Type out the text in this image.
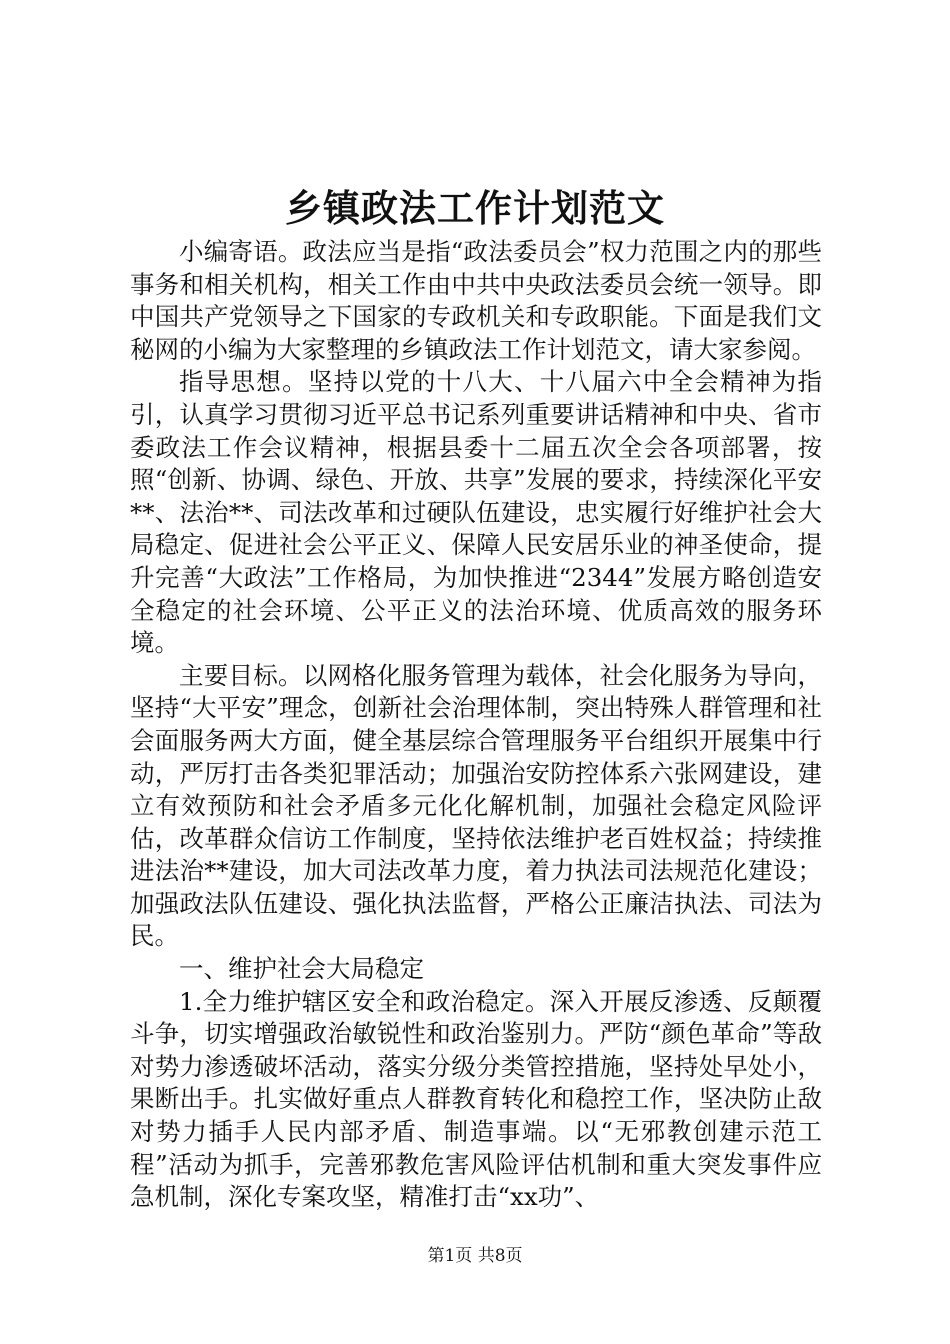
乡镇政法工作计划范文

小编寄语。政法应当是指“政法委员会”权力范围之内的那些事务和相关机构，相关工作由中共中央政法委员会统一领导。即中国共产党领导之下国家的专政机关和专政职能。下面是我们文秘网的小编为大家整理的乡镇政法工作计划范文，请大家参阅。

指导思想。坚持以党的十八大、十八届六中全会精神为指引，认真学习贯彻习近平总书记系列重要讲话精神和中央、省市委政法工作会议精神，根据县委十二届五次全会各项部署，按照“创新、协调、绿色、开放、共享”发展的要求，持续深化平安**、法治**、司法改革和过硬队伍建设，忠实履行好维护社会大局稳定、促进社会公平正义、保障人民安居乐业的神圣使命，提升完善“大政法”工作格局，为加快推进“2344”发展方略创造安全稳定的社会环境、公平正义的法治环境、优质高效的服务环境。

主要目标。以网格化服务管理为载体，社会化服务为导向，坚持“大平安”理念，创新社会治理体制，突出特殊人群管理和社会面服务两大方面，健全基层综合管理服务平台组织开展集中行动，严厉打击各类犯罪活动；加强治安防控体系六张网建设，建立有效预防和社会矛盾多元化化解机制，加强社会稳定风险评估，改革群众信访工作制度，坚持依法维护老百姓权益；持续推进法治**建设，加大司法改革力度，着力执法司法规范化建设；加强政法队伍建设、强化执法监督，严格公正廉洁执法、司法为民。

一、维护社会大局稳定

1.全力维护辖区安全和政治稳定。深入开展反渗透、反颠覆斗争，切实增强政治敏锐性和政治鉴别力。严防“颜色革命”等敌对势力渗透破坏活动，落实分级分类管控措施，坚持处早处小，果断出手。扎实做好重点人群教育转化和稳控工作，坚决防止敌对势力插手人民内部矛盾、制造事端。以“无邪教创建示范工程”活动为抓手，完善邪教危害风险评估机制和重大突发事件应急机制，深化专案攻坚，精准打击“xx功”、

第1页 共8页
